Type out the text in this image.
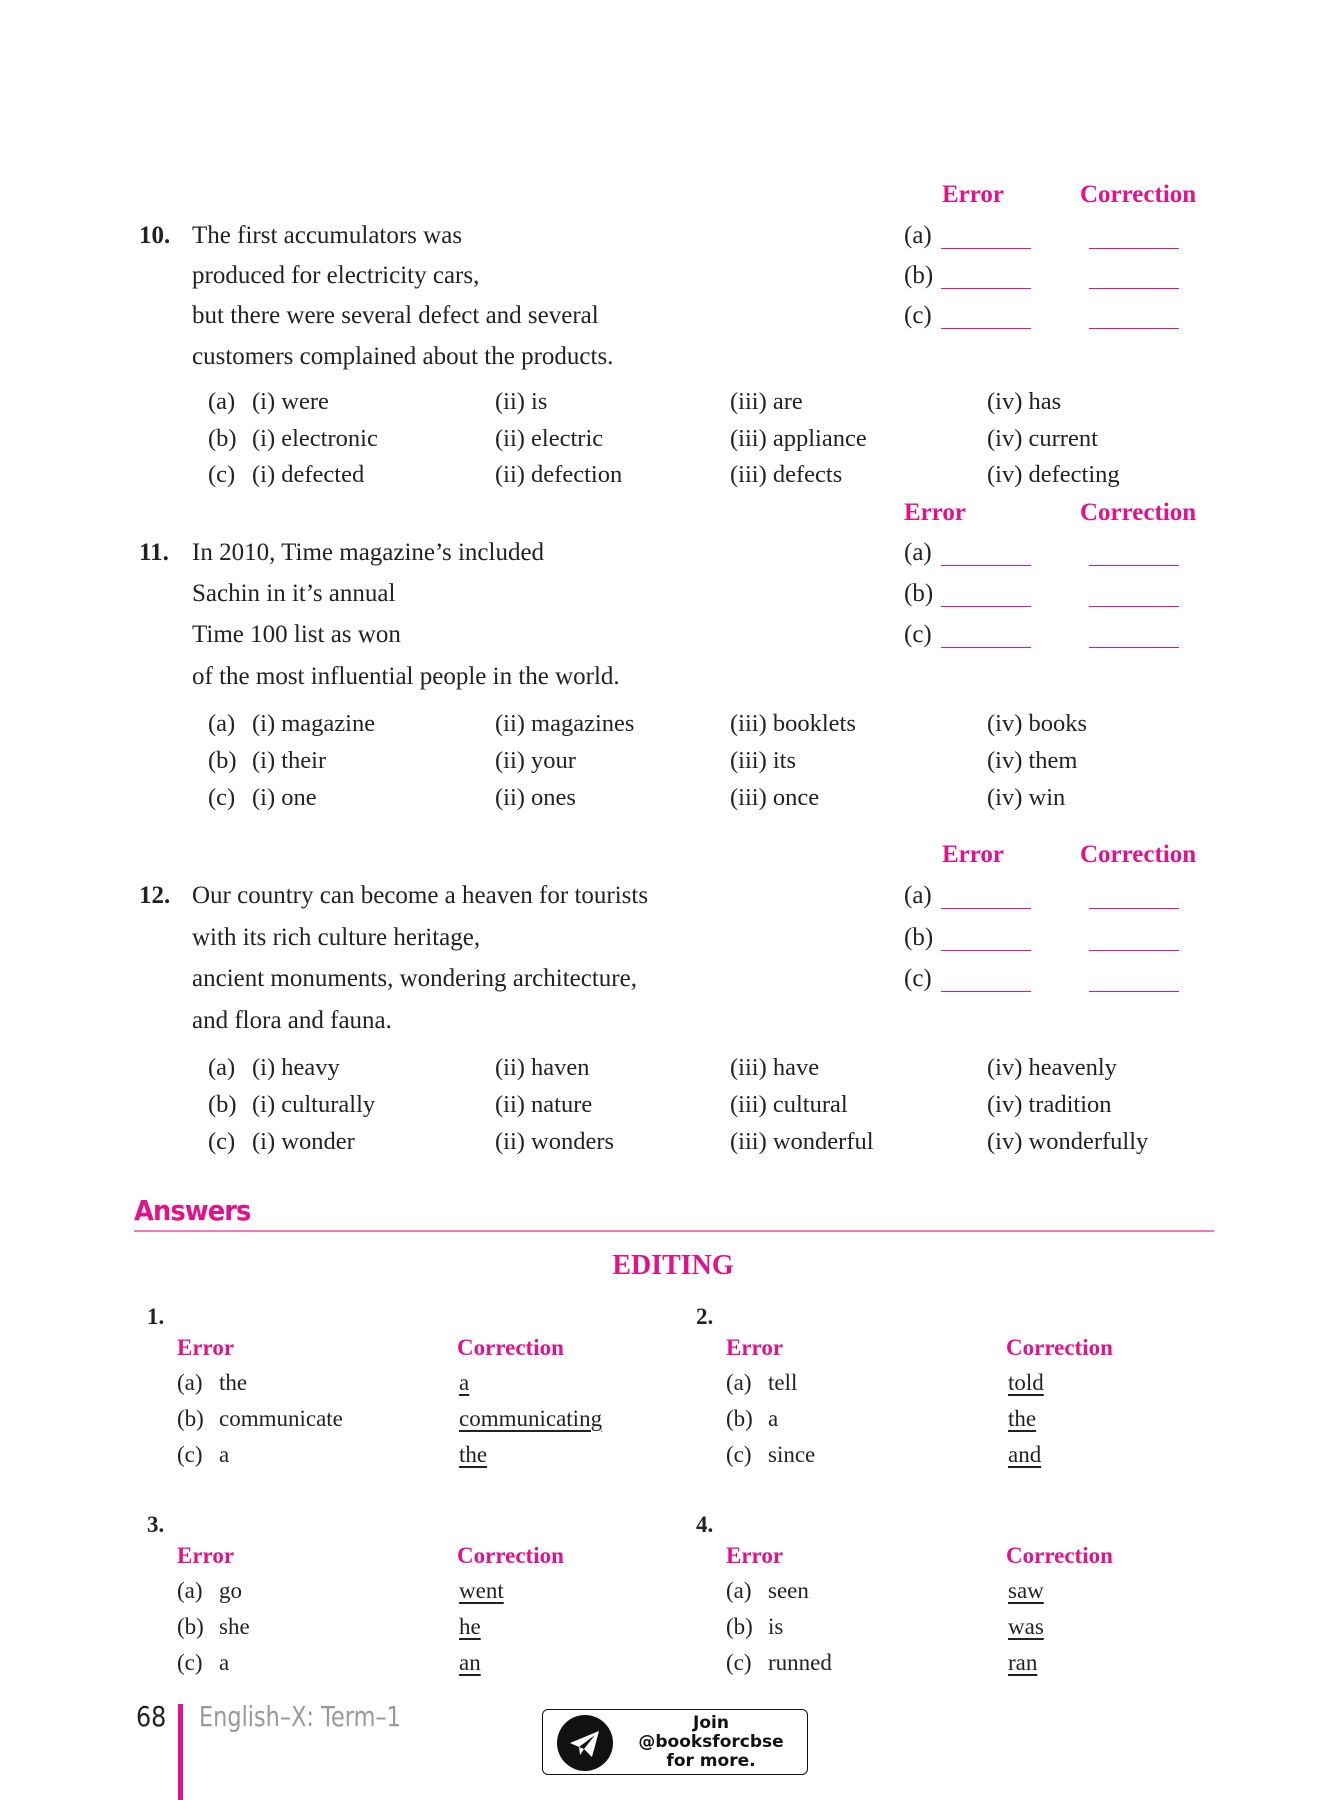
Error	Correction
10. The first accumulators was
produced for electricity cars,
but there were several defect and several
customers complained about the products.
(a)
(b)
(c)
(a) (i) were	(ii) is	(iii) are	(iv) has
(b) (i) electronic	(ii) electric	(iii) appliance	(iv) current
(c) (i) defected	(ii) defection	(iii) defects	(iv) defecting
Error	Correction
11. In 2010, Time magazine’s included
Sachin in it’s annual
Time 100 list as won
of the most influential people in the world.
(a)
(b)
(c)
(a) (i) magazine	(ii) magazines	(iii) booklets	(iv) books
(b) (i) their	(ii) your	(iii) its	(iv) them
(c) (i) one	(ii) ones	(iii) once	(iv) win
Error	Correction
12. Our country can become a heaven for tourists
with its rich culture heritage,
ancient monuments, wondering architecture,
and flora and fauna.
(a)
(b)
(c)
(a) (i) heavy	(ii) haven	(iii) have	(iv) heavenly
(b) (i) culturally	(ii) nature	(iii) cultural	(iv) tradition
(c) (i) wonder	(ii) wonders	(iii) wonderful	(iv) wonderfully
Answers
EDITING
1.
Error	Correction
(a) the	a
(b) communicate	communicating
(c) a	the
2.
Error	Correction
(a) tell	told
(b) a	the
(c) since	and
3.
Error	Correction
(a) go	went
(b) she	he
(c) a	an
4.
Error	Correction
(a) seen	saw
(b) is	was
(c) runned	ran
68 English–X: Term–1	Join
@booksforcbse
for more.
